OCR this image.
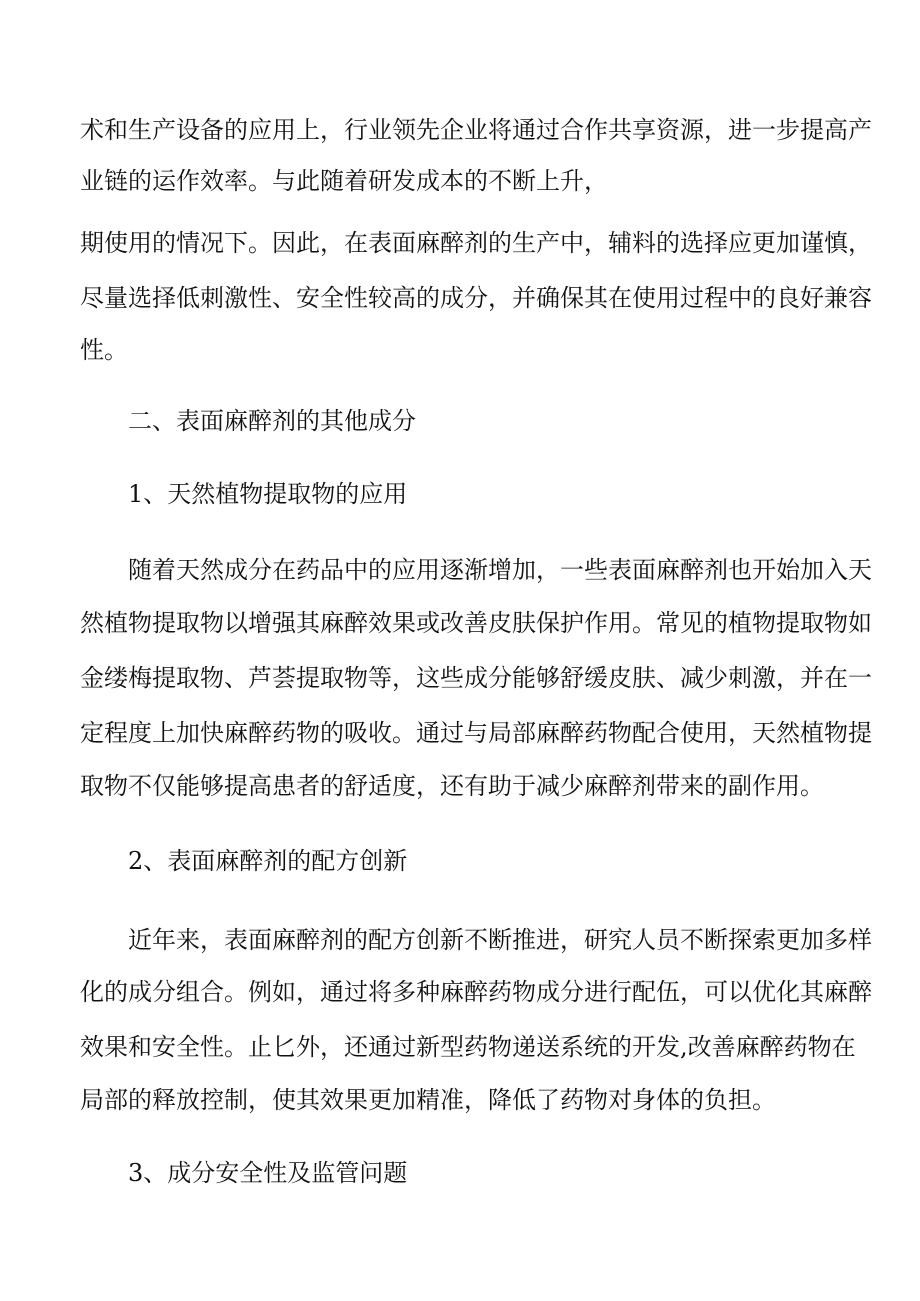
术和生产设备的应用上，行业领先企业将通过合作共享资源，进一步提高产
业链的运作效率。与此随着研发成本的不断上升，
期使用的情况下。因此，在表面麻醉剂的生产中，辅料的选择应更加谨慎，
尽量选择低刺激性、安全性较高的成分，并确保其在使用过程中的良好兼容
性。
二、表面麻醉剂的其他成分
1、天然植物提取物的应用
随着天然成分在药品中的应用逐渐增加，一些表面麻醉剂也开始加入天
然植物提取物以增强其麻醉效果或改善皮肤保护作用。常见的植物提取物如
金缕梅提取物、芦荟提取物等，这些成分能够舒缓皮肤、减少刺激，并在一
定程度上加快麻醉药物的吸收。通过与局部麻醉药物配合使用，天然植物提
取物不仅能够提高患者的舒适度，还有助于减少麻醉剂带来的副作用。
2、表面麻醉剂的配方创新
近年来，表面麻醉剂的配方创新不断推进，研究人员不断探索更加多样
化的成分组合。例如，通过将多种麻醉药物成分进行配伍，可以优化其麻醉
效果和安全性。止匕外，还通过新型药物递送系统的开发,改善麻醉药物在
局部的释放控制，使其效果更加精准，降低了药物对身体的负担。
3、成分安全性及监管问题
